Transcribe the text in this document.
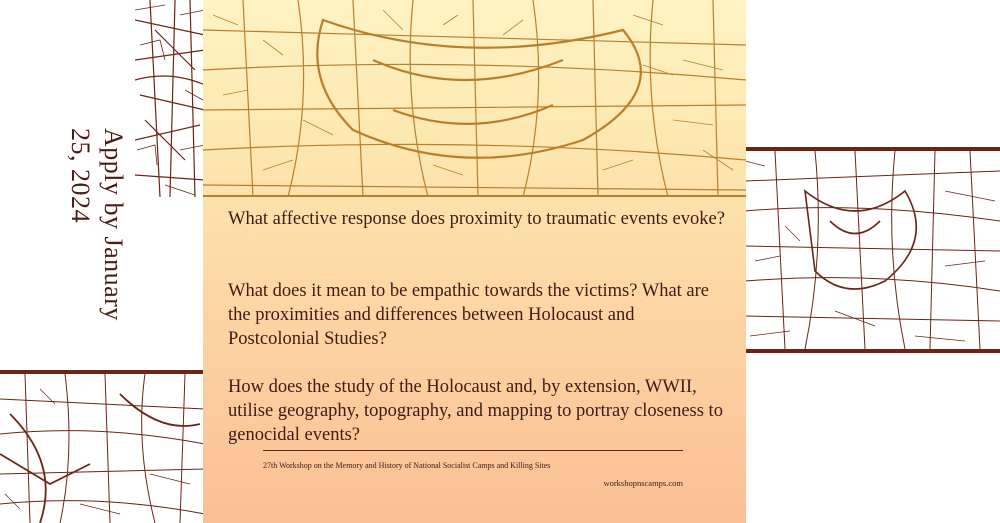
Apply by January 25, 2024	What affective response does proximity to traumatic events evoke?

What does it mean to be empathic towards the victims? What are the proximities and differences between Holocaust and Postcolonial Studies?

How does the study of the Holocaust and, by extension, WWII, utilise geography, topography, and mapping to portray closeness to genocidal events?

27th Workshop on the Memory and History of National Socialist Camps and Killing Sites
workshopnscamps.com
